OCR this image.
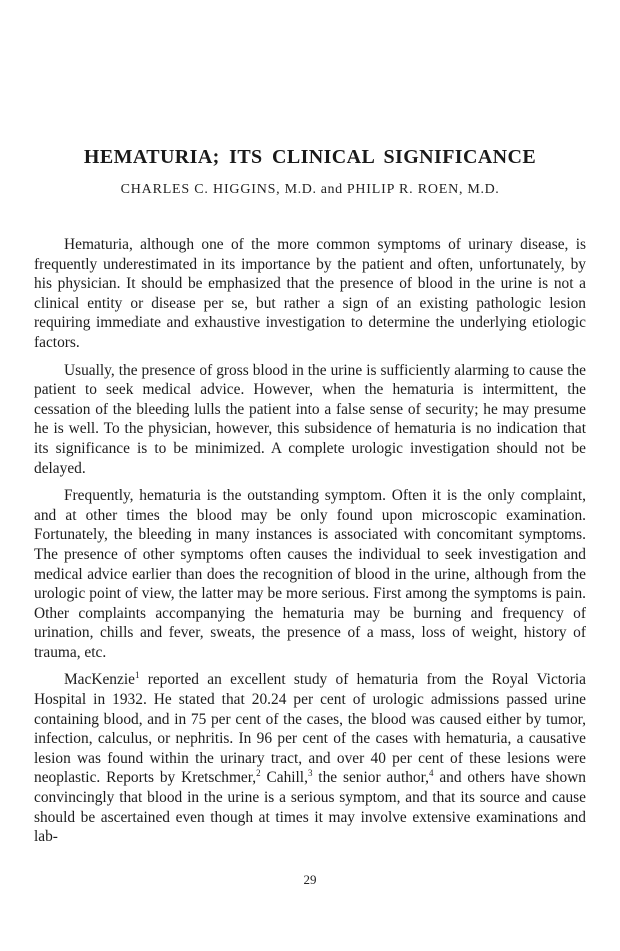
HEMATURIA; ITS CLINICAL SIGNIFICANCE
CHARLES C. HIGGINS, M.D. and PHILIP R. ROEN, M.D.

Hematuria, although one of the more common symptoms of urinary disease, is frequently underestimated in its importance by the patient and often, unfortunately, by his physician. It should be emphasized that the presence of blood in the urine is not a clinical entity or disease per se, but rather a sign of an existing pathologic lesion requiring immediate and exhaustive investigation to determine the underlying etiologic factors.

Usually, the presence of gross blood in the urine is sufficiently alarming to cause the patient to seek medical advice. However, when the hematuria is intermittent, the cessation of the bleeding lulls the patient into a false sense of security; he may presume he is well. To the physician, however, this subsidence of hematuria is no indication that its significance is to be minimized. A complete urologic investigation should not be delayed.

Frequently, hematuria is the outstanding symptom. Often it is the only complaint, and at other times the blood may be only found upon microscopic examination. Fortunately, the bleeding in many instances is associated with concomitant symptoms. The presence of other symptoms often causes the individual to seek investigation and medical advice earlier than does the recognition of blood in the urine, although from the urologic point of view, the latter may be more serious. First among the symptoms is pain. Other complaints accompanying the hematuria may be burning and frequency of urination, chills and fever, sweats, the presence of a mass, loss of weight, history of trauma, etc.

MacKenzie$^1$ reported an excellent study of hematuria from the Royal Victoria Hospital in 1932. He stated that 20.24 per cent of urologic admissions passed urine containing blood, and in 75 per cent of the cases, the blood was caused either by tumor, infection, calculus, or nephritis. In 96 per cent of the cases with hematuria, a causative lesion was found within the urinary tract, and over 40 per cent of these lesions were neoplastic. Reports by Kretschmer,$^2$ Cahill,$^3$ the senior author,$^4$ and others have shown convincingly that blood in the urine is a serious symptom, and that its source and cause should be ascertained even though at times it may involve extensive examinations and lab-

29
